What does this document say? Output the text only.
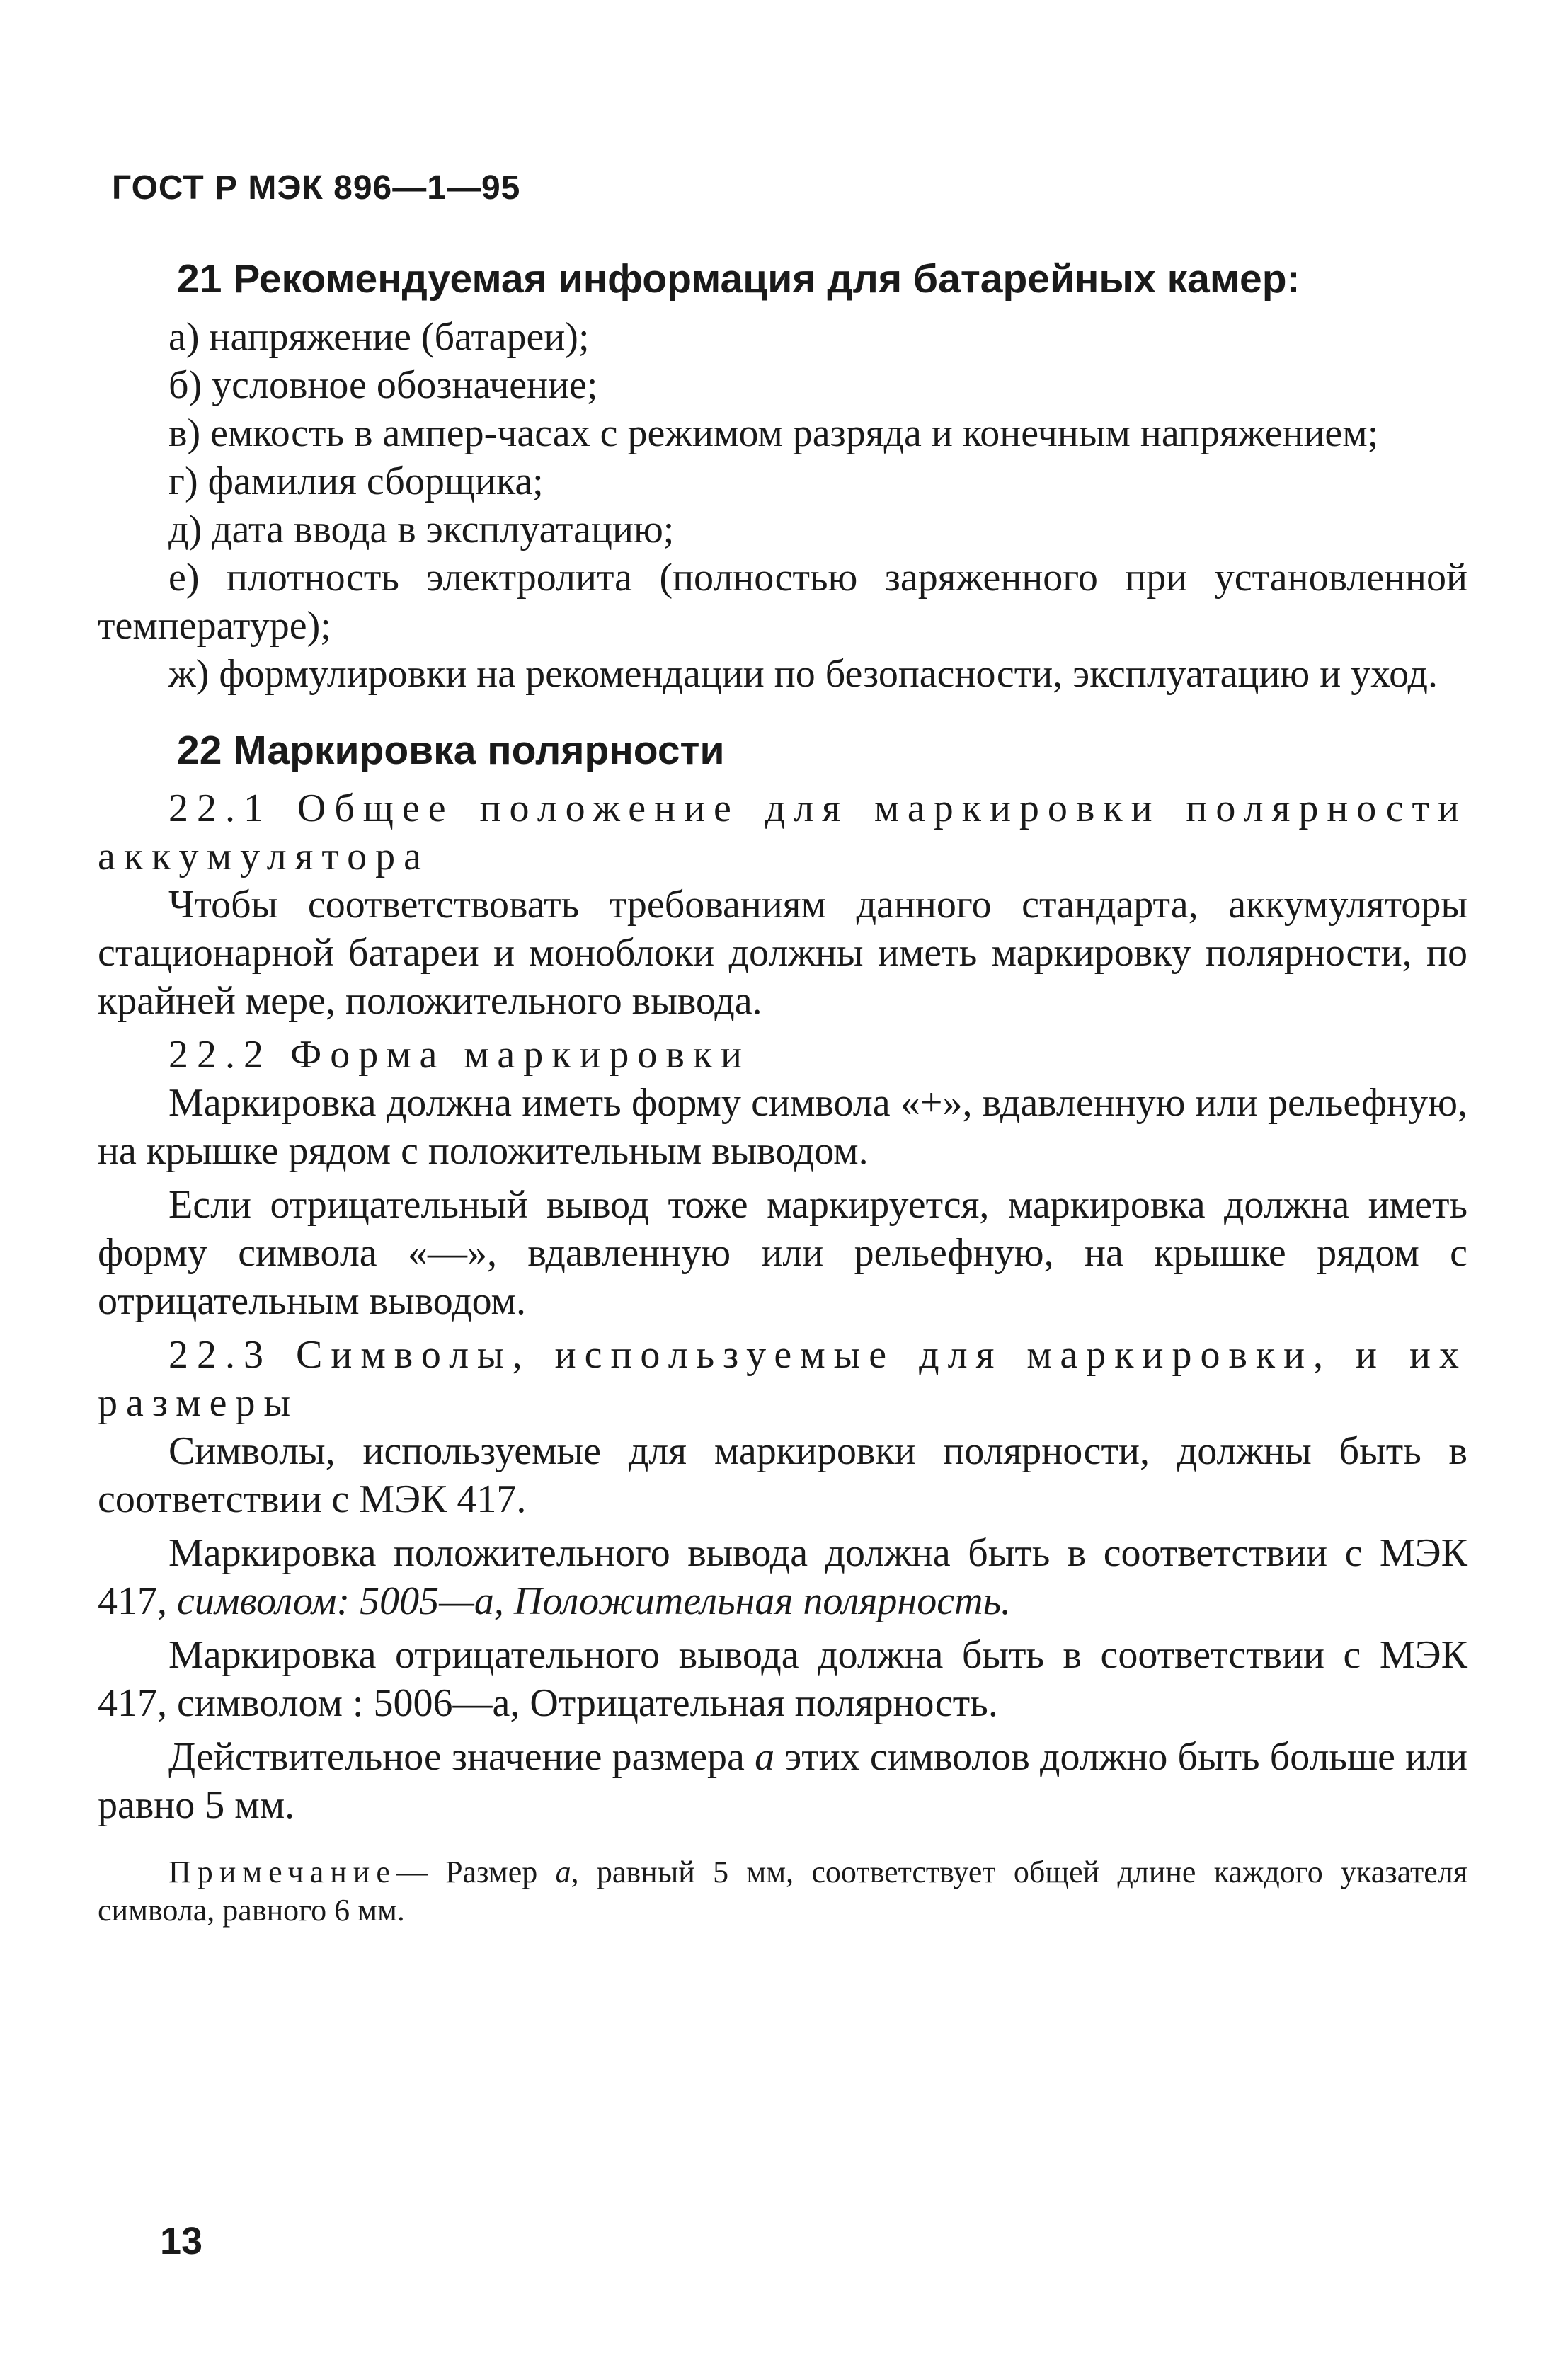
ГОСТ Р МЭК 896—1—95
21 Рекомендуемая информация для батарейных камер:
а) напряжение (батареи);
б) условное обозначение;
в) емкость в ампер-часах с режимом разряда и конечным напряжением;
г) фамилия сборщика;
д) дата ввода в эксплуатацию;
е) плотность электролита (полностью заряженного при установленной температуре);
ж) формулировки на рекомендации по безопасности, эксплуатацию и уход.
22 Маркировка полярности
22.1 Общее положение для маркировки полярности аккумулятора

Чтобы соответствовать требованиям данного стандарта, аккумуляторы стационарной батареи и моноблоки должны иметь маркировку полярности, по крайней мере, положительного вывода.

22.2 Форма маркировки

Маркировка должна иметь форму символа «+», вдавленную или рельефную, на крышке рядом с положительным выводом.

Если отрицательный вывод тоже маркируется, маркировка должна иметь форму символа «—», вдавленную или рельефную, на крышке рядом с отрицательным выводом.

22.3 Символы, используемые для маркировки, и их размеры

Символы, используемые для маркировки полярности, должны быть в соответствии с МЭК 417.

Маркировка положительного вывода должна быть в соответствии с МЭК 417, символом: 5005—а, Положительная полярность.

Маркировка отрицательного вывода должна быть в соответствии с МЭК 417, символом : 5006—а, Отрицательная полярность.

Действительное значение размера а этих символов должно быть больше или равно 5 мм.

Примечание— Размер а, равный 5 мм, соответствует общей длине каждого указателя символа, равного 6 мм.
13
